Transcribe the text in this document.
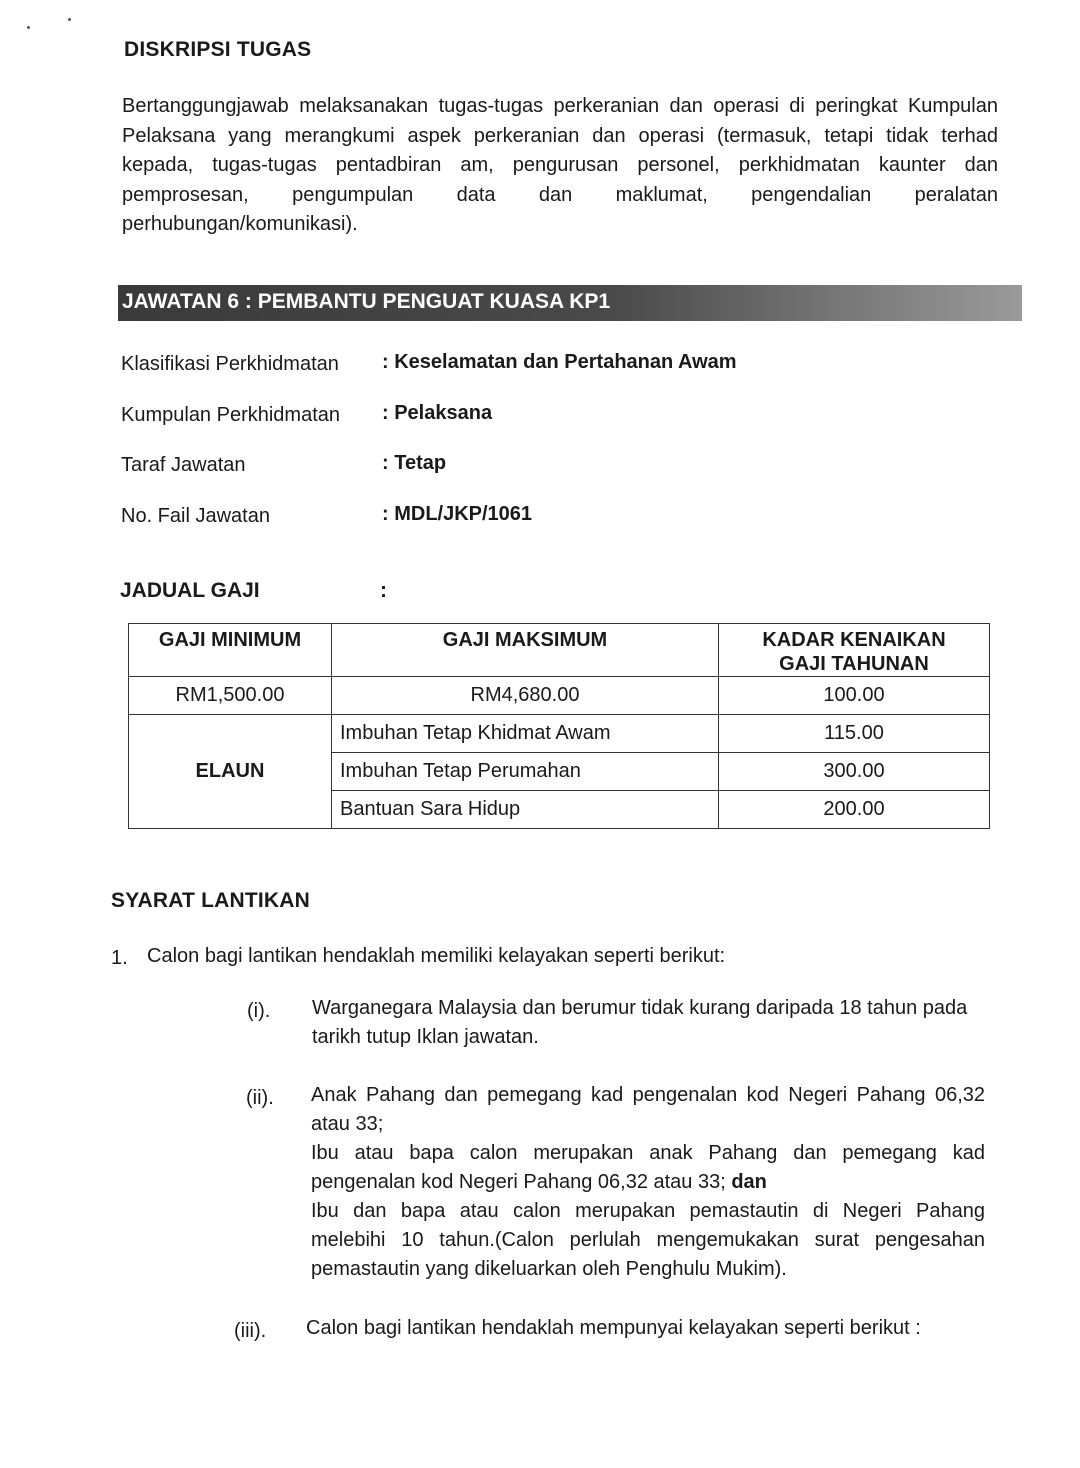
DISKRIPSI TUGAS
Bertanggungjawab melaksanakan tugas-tugas perkeranian dan operasi di peringkat Kumpulan Pelaksana yang merangkumi aspek perkeranian dan operasi (termasuk, tetapi tidak terhad kepada, tugas-tugas pentadbiran am, pengurusan personel, perkhidmatan kaunter dan pemprosesan, pengumpulan data dan maklumat, pengendalian peralatan perhubungan/komunikasi).
JAWATAN 6 : PEMBANTU PENGUAT KUASA KP1
Klasifikasi Perkhidmatan : Keselamatan dan Pertahanan Awam
Kumpulan Perkhidmatan : Pelaksana
Taraf Jawatan	: Tetap
No. Fail Jawatan	: MDL/JKP/1061
JADUAL GAJI	:
GAJI MINIMUM	GAJI MAKSIMUM	KADAR KENAIKAN
GAJI TAHUNAN
RM1,500.00	RM4,680.00	100.00
ELAUN	Imbuhan Tetap Khidmat Awam	115.00
	Imbuhan Tetap Perumahan	300.00
	Bantuan Sara Hidup	200.00
SYARAT LANTIKAN
1. Calon bagi lantikan hendaklah memiliki kelayakan seperti berikut:
(i). Warganegara Malaysia dan berumur tidak kurang daripada 18 tahun pada tarikh tutup Iklan jawatan.
(ii). Anak Pahang dan pemegang kad pengenalan kod Negeri Pahang 06,32 atau 33;
Ibu atau bapa calon merupakan anak Pahang dan pemegang kad pengenalan kod Negeri Pahang 06,32 atau 33; dan
Ibu dan bapa atau calon merupakan pemastautin di Negeri Pahang melebihi 10 tahun.(Calon perlulah mengemukakan surat pengesahan pemastautin yang dikeluarkan oleh Penghulu Mukim).
(iii). Calon bagi lantikan hendaklah mempunyai kelayakan seperti berikut :
